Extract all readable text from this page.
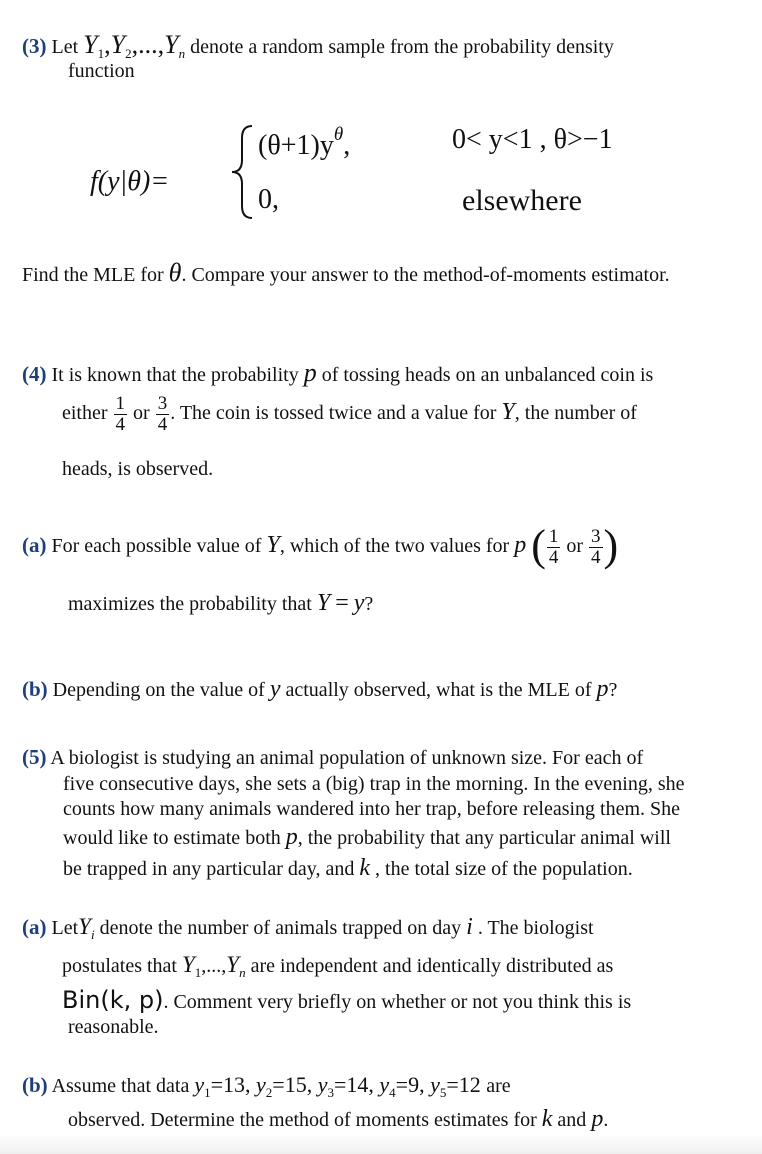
(3) Let $Y_1,Y_2,...,Yn$ denote a random sample from the probability density
function
f(y|θ)=
$(\theta+1)y^\theta$,	0< y<1 , θ>−1
0,	elsewhere
Find the MLE for θ. Compare your answer to the method-of-moments estimator.
(4) It is known that the probability p of tossing heads on an unbalanced coin is
either $\frac{1}{4}$ or $\frac{3}{4}$ . The coin is tossed twice and a value for Y, the number of
heads, is observed.
(a) For each possible value of Y, which of the two values for p ( $\frac{1}{4}$ or $\frac{3}{4}$ )
maximizes the probability that Y = y?
(b) Depending on the value of y actually observed, what is the MLE of p?
(5) A biologist is studying an animal population of unknown size. For each of
five consecutive days, she sets a (big) trap in the morning. In the evening, she
counts how many animals wandered into her trap, before releasing them. She
would like to estimate both p, the probability that any particular animal will
be trapped in any particular day, and k , the total size of the population.
(a) LetY$_i$ denote the number of animals trapped on day i . The biologist
postulates that $Y_1,...,Y_n$ are independent and identically distributed as
Bin(k, p). Comment very briefly on whether or not you think this is
reasonable.
(b) Assume that data $y_1=13$, $y_2=15$, $y_3=14$, $y_4=9$, $y_5=12$ are
observed. Determine the method of moments estimates for k and p.
